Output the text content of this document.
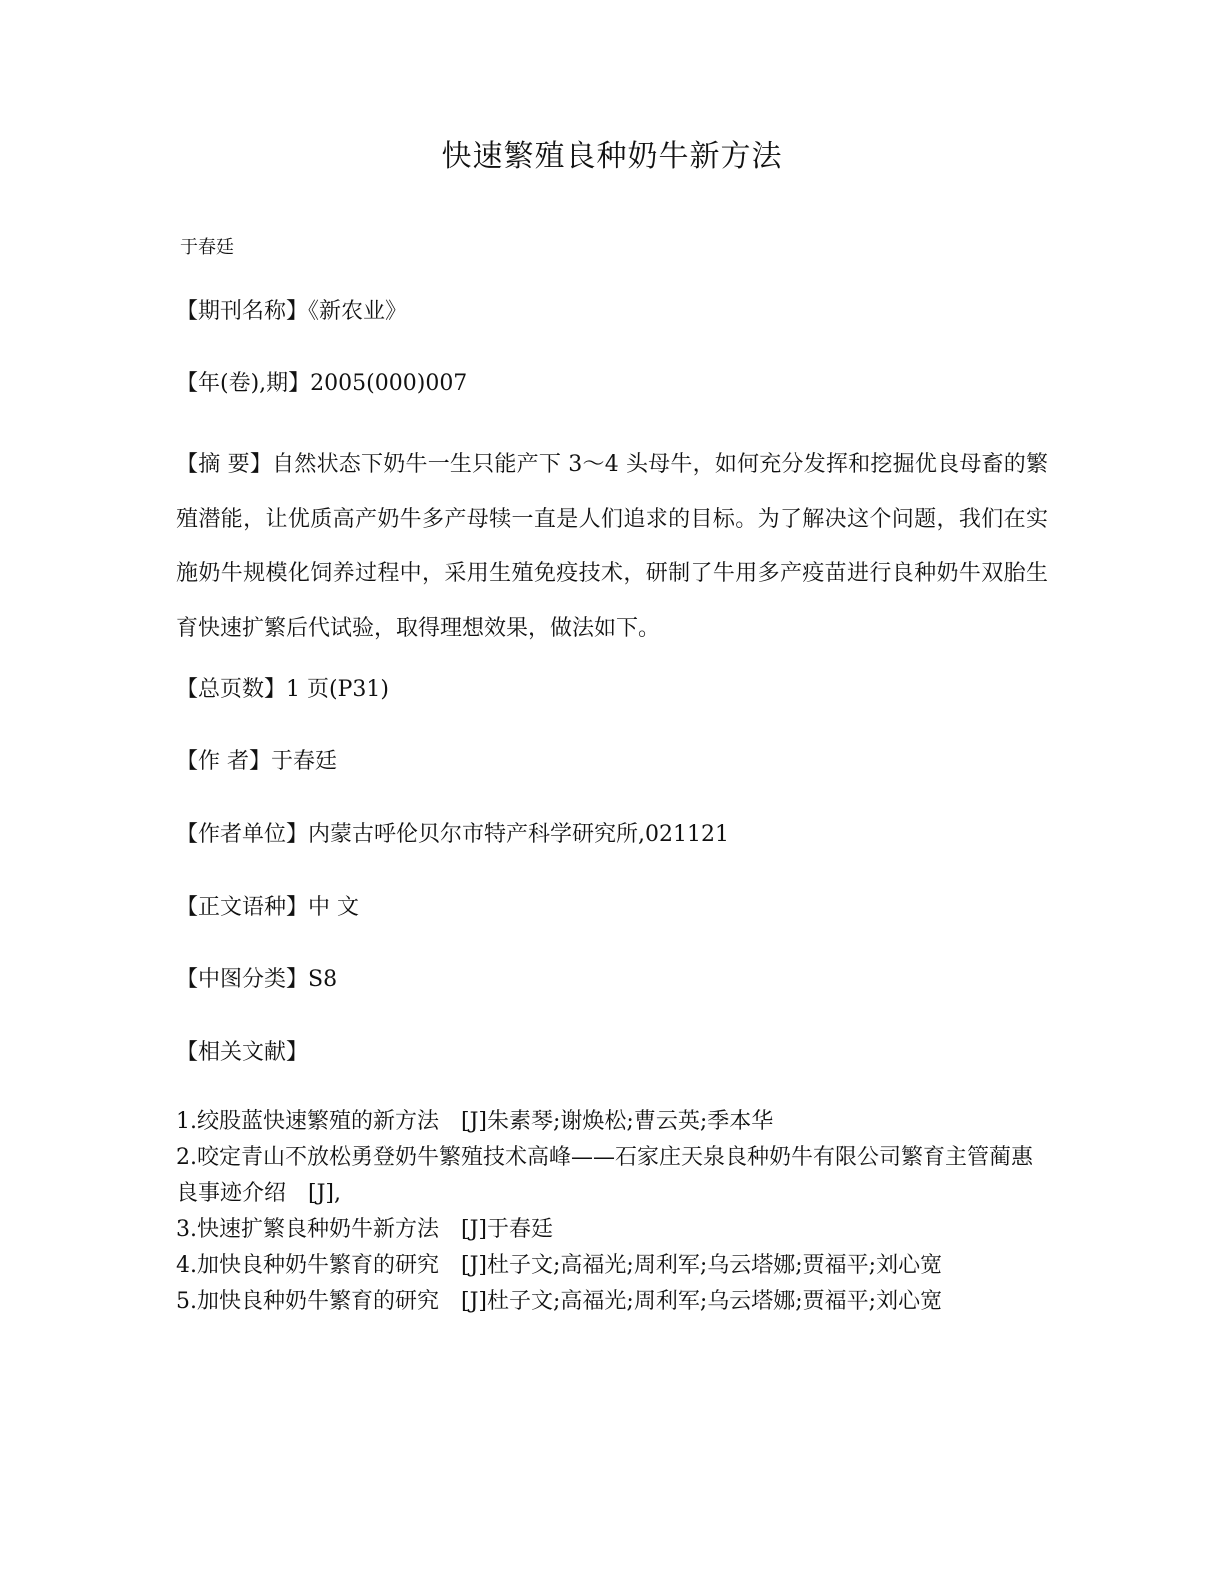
快速繁殖良种奶牛新方法
于春廷
【期刊名称】《新农业》
【年(卷),期】2005(000)007
【摘 要】自然状态下奶牛一生只能产下 3～4 头母牛，如何充分发挥和挖掘优良母畜的繁殖潜能，让优质高产奶牛多产母犊一直是人们追求的目标。为了解决这个问题，我们在实施奶牛规模化饲养过程中，采用生殖免疫技术，研制了牛用多产疫苗进行良种奶牛双胎生育快速扩繁后代试验，取得理想效果，做法如下。
【总页数】1 页(P31)
【作 者】于春廷
【作者单位】内蒙古呼伦贝尔市特产科学研究所,021121
【正文语种】中 文
【中图分类】S8
【相关文献】
1.绞股蓝快速繁殖的新方法 [J]朱素琴;谢焕松;曹云英;季本华
2.咬定青山不放松勇登奶牛繁殖技术高峰——石家庄天泉良种奶牛有限公司繁育主管蔺惠良事迹介绍 [J],
3.快速扩繁良种奶牛新方法 [J]于春廷
4.加快良种奶牛繁育的研究 [J]杜子文;高福光;周利军;乌云塔娜;贾福平;刘心宽
5.加快良种奶牛繁育的研究 [J]杜子文;高福光;周利军;乌云塔娜;贾福平;刘心宽
